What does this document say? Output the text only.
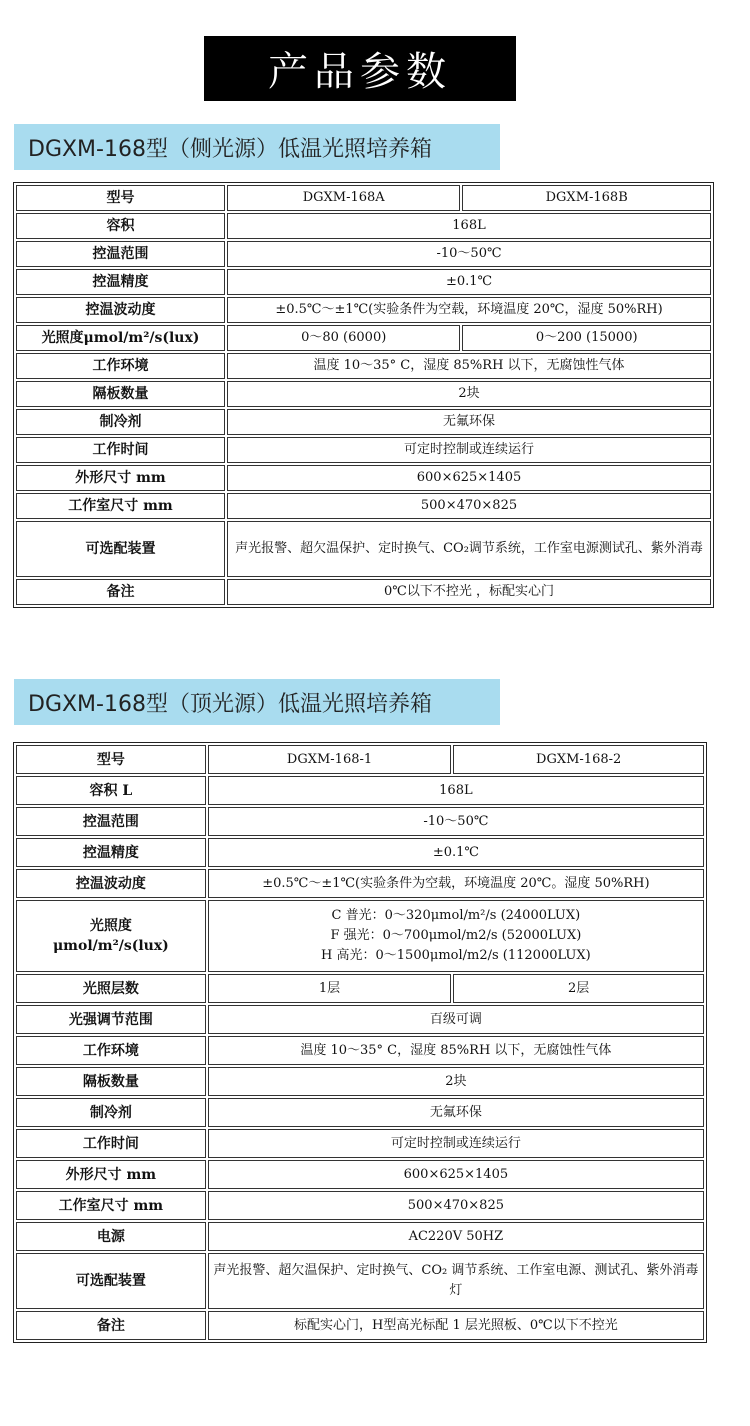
产品参数
DGXM-168型（侧光源）低温光照培养箱
型号	DGXM-168A	DGXM-168B
容积	168L	
控温范围	-10～50℃	
控温精度	±0.1℃	
控温波动度	±0.5℃～±1℃(实验条件为空载，环境温度 20℃，湿度 50%RH)	
光照度μmol/m²/s(lux)	0～80 (6000)	0～200 (15000)
工作环境	温度 10～35° C，湿度 85%RH 以下，无腐蚀性气体	
隔板数量	2块	
制冷剂	无氟环保	
工作时间	可定时控制或连续运行	
外形尺寸 mm	600×625×1405	
工作室尺寸 mm	500×470×825	
可选配装置	声光报警、超欠温保护、定时换气、CO₂调节系统，工作室电源测试孔、紫外消毒	
备注	0℃以下不控光 ，标配实心门	
DGXM-168型（顶光源）低温光照培养箱
型号	DGXM-168-1	DGXM-168-2
容积 L	168L	
控温范围	-10～50℃	
控温精度	±0.1℃	
控温波动度	±0.5℃～±1℃(实验条件为空载，环境温度 20℃。湿度 50%RH)	

光照度
μmol/m²/s(lux)	C 普光：0～320μmol/m²/s (24000LUX)
F 强光：0～700μmol/m2/s (52000LUX)
H 高光：0～1500μmol/m2/s (112000LUX)	

光照层数	1层	2层
光强调节范围	百级可调	
工作环境	温度 10～35° C，湿度 85%RH 以下，无腐蚀性气体	
隔板数量	2块	
制冷剂	无氟环保	
工作时间	可定时控制或连续运行	
外形尺寸 mm	600×625×1405	
工作室尺寸 mm	500×470×825	
电源	AC220V 50HZ	
可选配装置	声光报警、超欠温保护、定时换气、CO₂ 调节系统、工作室电源、测试孔、紫外消毒灯	
备注	标配实心门，H型高光标配 1 层光照板、0℃以下不控光	
